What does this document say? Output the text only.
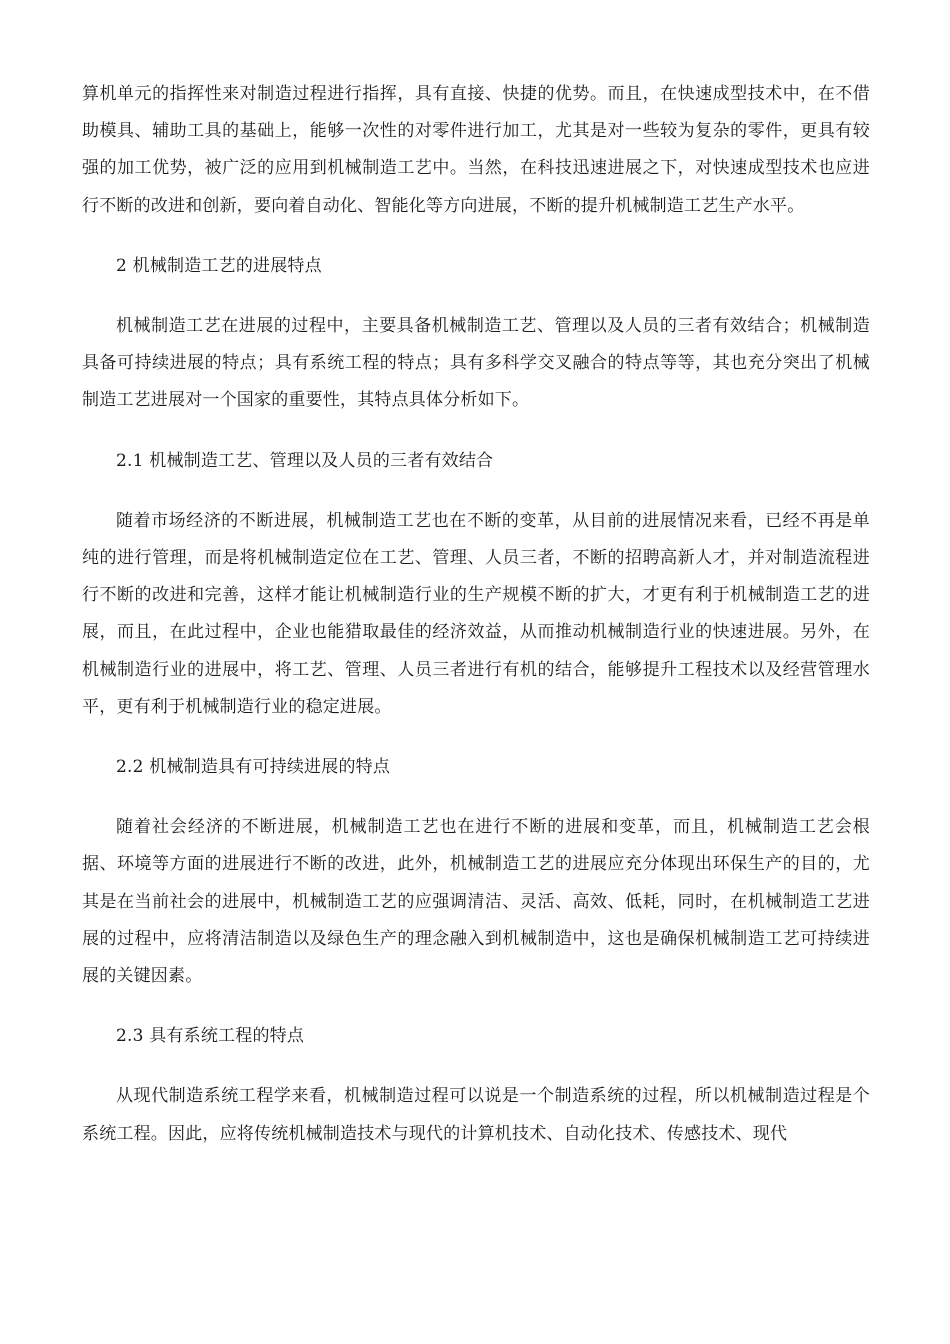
算机单元的指挥性来对制造过程进行指挥，具有直接、快捷的优势。而且，在快速成型技术中，在不借助模具、辅助工具的基础上，能够一次性的对零件进行加工，尤其是对一些较为复杂的零件，更具有较强的加工优势，被广泛的应用到机械制造工艺中。当然，在科技迅速进展之下，对快速成型技术也应进行不断的改进和创新，要向着自动化、智能化等方向进展，不断的提升机械制造工艺生产水平。

2 机械制造工艺的进展特点

机械制造工艺在进展的过程中，主要具备机械制造工艺、管理以及人员的三者有效结合；机械制造具备可持续进展的特点；具有系统工程的特点；具有多科学交叉融合的特点等等，其也充分突出了机械制造工艺进展对一个国家的重要性，其特点具体分析如下。

2.1 机械制造工艺、管理以及人员的三者有效结合

随着市场经济的不断进展，机械制造工艺也在不断的变革，从目前的进展情况来看，已经不再是单纯的进行管理，而是将机械制造定位在工艺、管理、人员三者，不断的招聘高新人才，并对制造流程进行不断的改进和完善，这样才能让机械制造行业的生产规模不断的扩大，才更有利于机械制造工艺的进展，而且，在此过程中，企业也能猎取最佳的经济效益，从而推动机械制造行业的快速进展。另外，在机械制造行业的进展中，将工艺、管理、人员三者进行有机的结合，能够提升工程技术以及经营管理水平，更有利于机械制造行业的稳定进展。

2.2 机械制造具有可持续进展的特点

随着社会经济的不断进展，机械制造工艺也在进行不断的进展和变革，而且，机械制造工艺会根据、环境等方面的进展进行不断的改进，此外，机械制造工艺的进展应充分体现出环保生产的目的，尤其是在当前社会的进展中，机械制造工艺的应强调清洁、灵活、高效、低耗，同时，在机械制造工艺进展的过程中，应将清洁制造以及绿色生产的理念融入到机械制造中，这也是确保机械制造工艺可持续进展的关键因素。

2.3 具有系统工程的特点

从现代制造系统工程学来看，机械制造过程可以说是一个制造系统的过程，所以机械制造过程是个系统工程。因此，应将传统机械制造技术与现代的计算机技术、自动化技术、传感技术、现代
